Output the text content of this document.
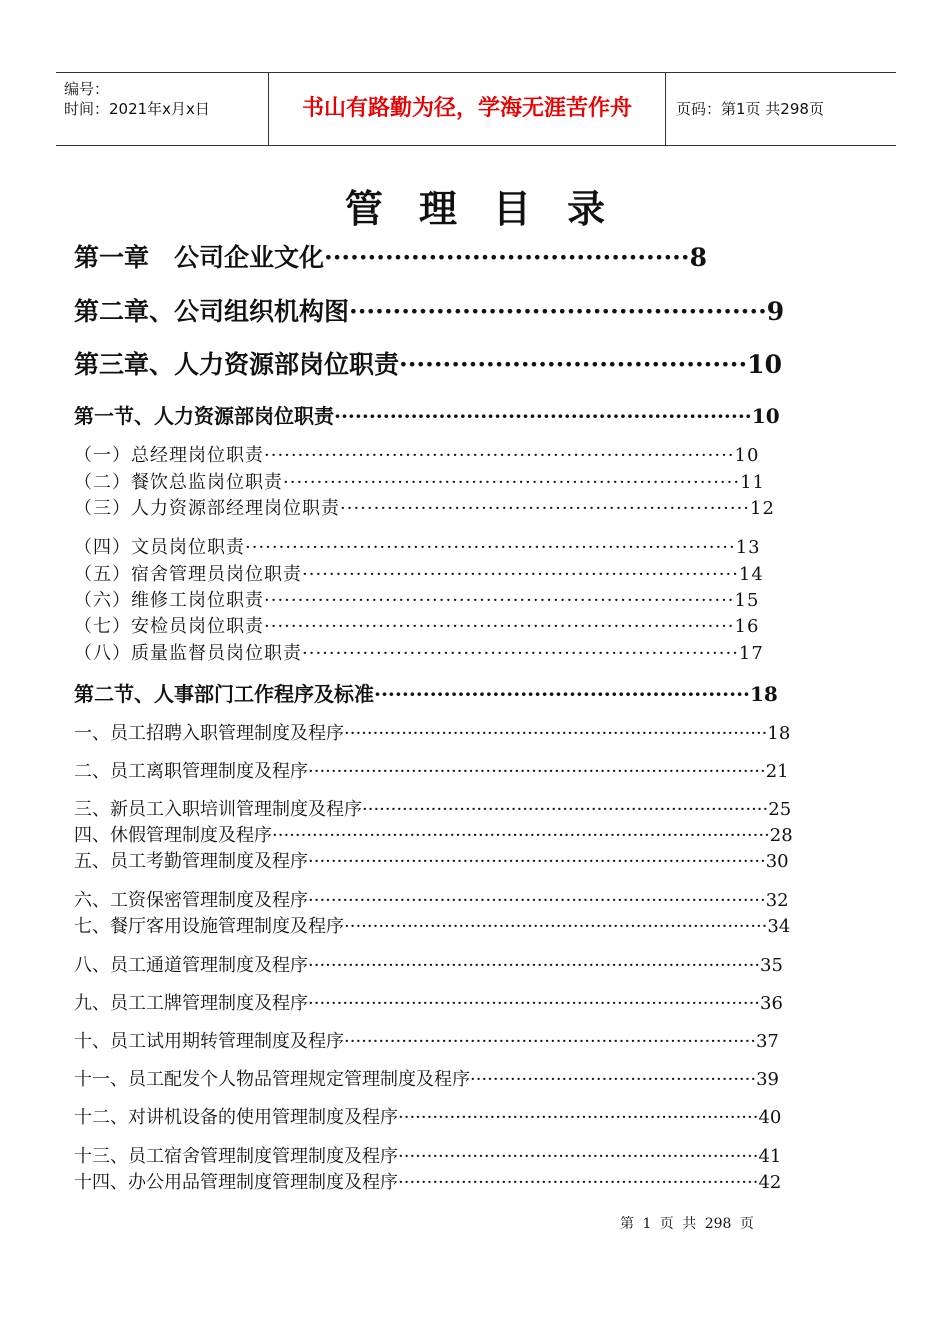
编号：
时间：2021年x月x日	书山有路勤为径，学海无涯苦作舟	页码：第1页 共298页
管理目录
第一章　公司企业文化··········································8
第二章、公司组织机构图················································9
第三章、人力资源部岗位职责········································10
第一节、人力资源部岗位职责····························································10
（一）总经理岗位职责······································································10
（二）餐饮总监岗位职责····································································11
（三）人力资源部经理岗位职责·····························································12
（四）文员岗位职责·········································································13
（五）宿舍管理员岗位职责·································································14
（六）维修工岗位职责······································································15
（七）安检员岗位职责······································································16
（八）质量监督员岗位职责·································································17
第二节、人事部门工作程序及标准······················································18
一、员工招聘入职管理制度及程序··········································································18
二、员工离职管理制度及程序················································································21
三、新员工入职培训管理制度及程序·······································································25
四、休假管理制度及程序·······················································································28
五、员工考勤管理制度及程序················································································30
六、工资保密管理制度及程序················································································32
七、餐厅客用设施管理制度及程序··········································································34
八、员工通道管理制度及程序···············································································35
九、员工工牌管理制度及程序···············································································36
十、员工试用期转管理制度及程序········································································37
十一、员工配发个人物品管理规定管理制度及程序··················································39
十二、对讲机设备的使用管理制度及程序·······························································40
十三、员工宿舍管理制度管理制度及程序·······························································41
十四、办公用品管理制度管理制度及程序·······························································42
第 1 页 共 298 页
